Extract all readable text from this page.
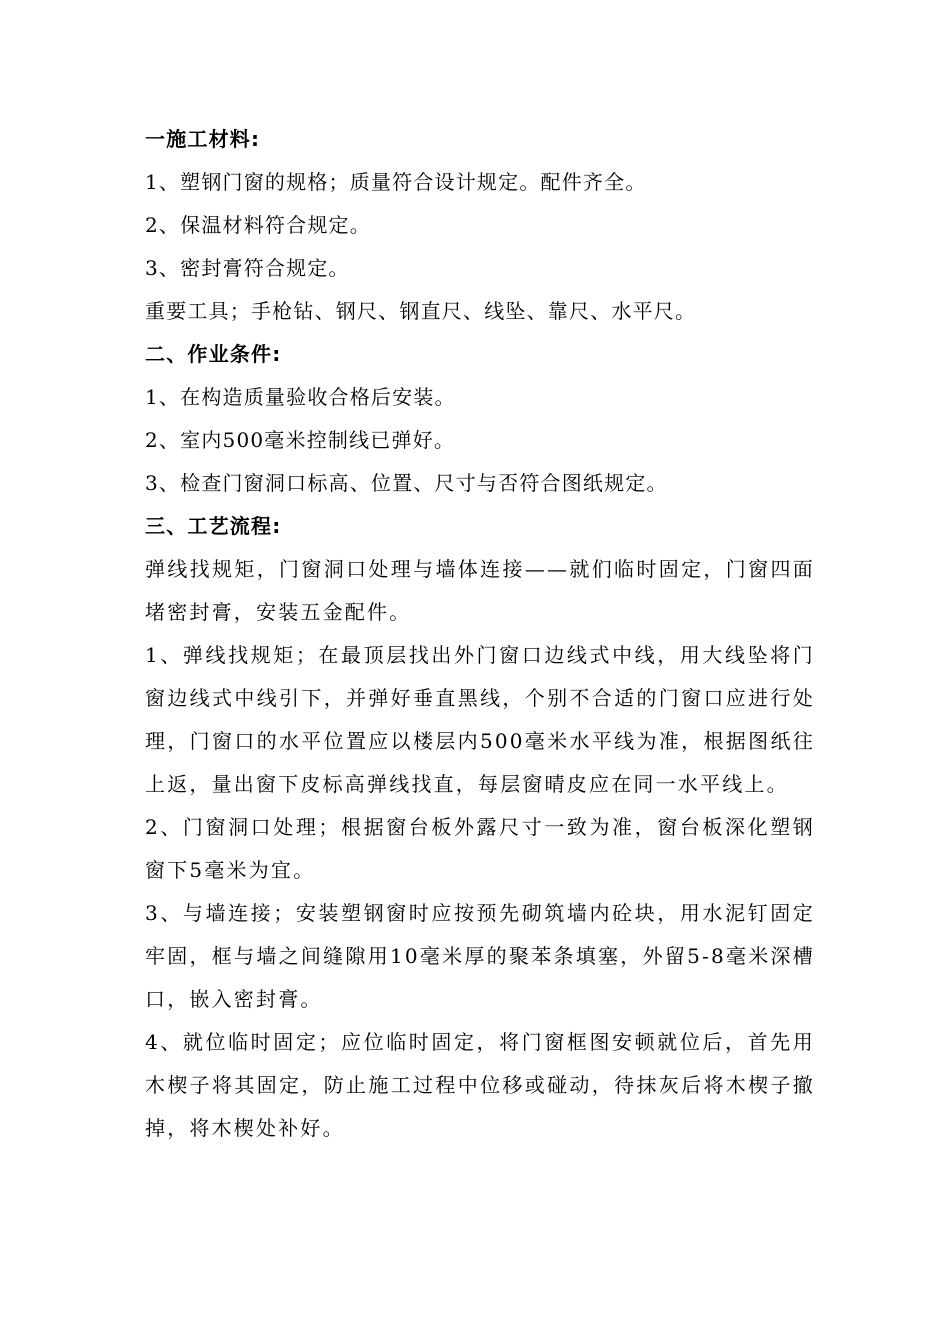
一施工材料:
1、塑钢门窗的规格；质量符合设计规定。配件齐全。
2、保温材料符合规定。
3、密封膏符合规定。
重要工具；手枪钻、钢尺、钢直尺、线坠、靠尺、水平尺。
二、作业条件:
1、在构造质量验收合格后安装。
2、室内500毫米控制线已弹好。
3、检查门窗洞口标高、位置、尺寸与否符合图纸规定。
三、工艺流程:
弹线找规矩，门窗洞口处理与墙体连接——就们临时固定，门窗四面堵密封膏，安装五金配件。
1、弹线找规矩；在最顶层找出外门窗口边线式中线，用大线坠将门窗边线式中线引下，并弹好垂直黑线，个别不合适的门窗口应进行处理，门窗口的水平位置应以楼层内500毫米水平线为准，根据图纸往上返，量出窗下皮标高弹线找直，每层窗晴皮应在同一水平线上。
2、门窗洞口处理；根据窗台板外露尺寸一致为准，窗台板深化塑钢窗下5毫米为宜。
3、与墙连接；安装塑钢窗时应按预先砌筑墙内砼块，用水泥钉固定牢固，框与墙之间缝隙用10毫米厚的聚苯条填塞，外留5-8毫米深槽口，嵌入密封膏。
4、就位临时固定；应位临时固定，将门窗框图安顿就位后，首先用木楔子将其固定，防止施工过程中位移或碰动，待抹灰后将木楔子撤掉，将木楔处补好。
